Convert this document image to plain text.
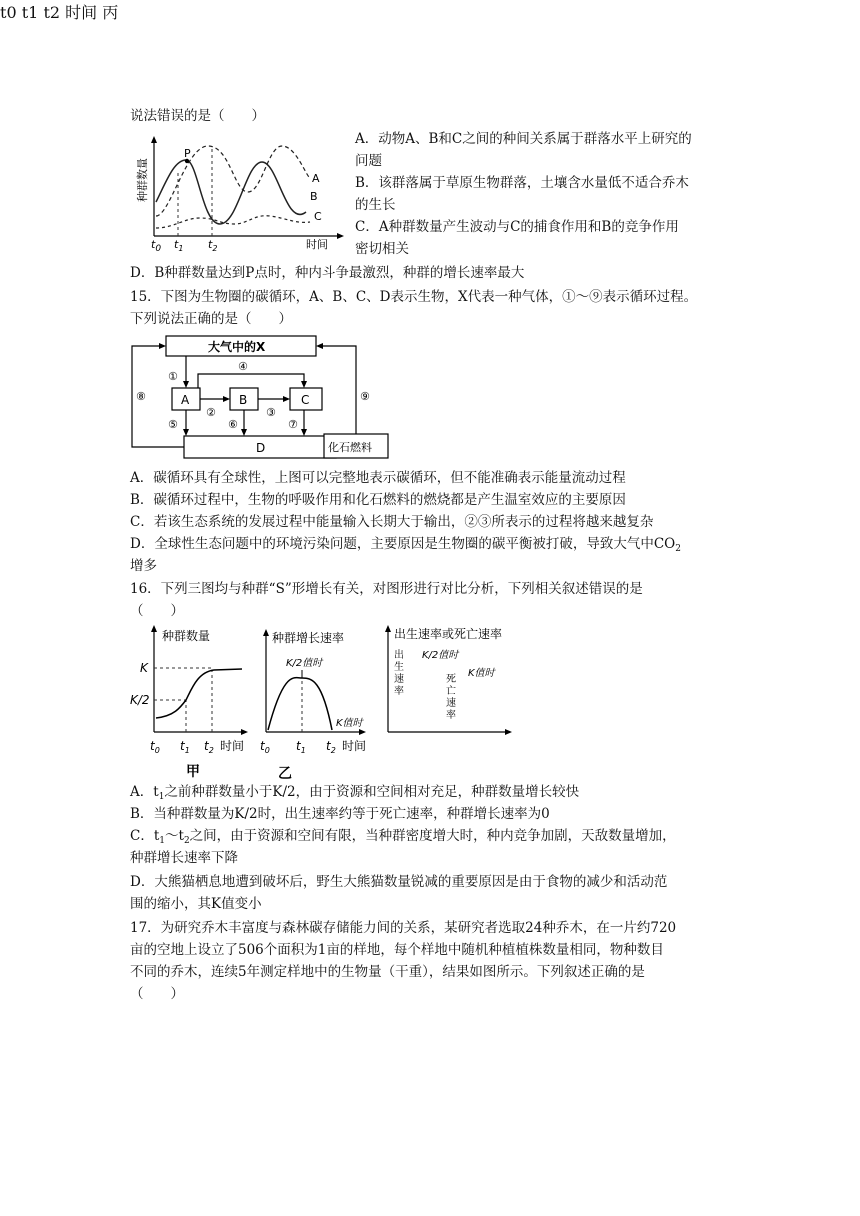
说法错误的是（　　）
A．动物A、B和C之间的种间关系属于群落水平上研究的
问题
B．该群落属于草原生物群落，土壤含水量低不适合乔木
的生长
C．A种群数量产生波动与C的捕食作用和B的竞争作用
密切相关
D．B种群数量达到P点时，种内斗争最激烈，种群的增长速率最大
种群数量
时间
$t_0$ $t_1$ $t_2$
P
A
B
C
15．下图为生物圈的碳循环，A、B、C、D表示生物，X代表一种气体，①～⑨表示循环过程。
下列说法正确的是（　　）
大气中的X
A	B	C
D	化石燃料
①
④
②	③
⑤	⑥	⑦
⑧	⑨
A．碳循环具有全球性，上图可以完整地表示碳循环，但不能准确表示能量流动过程
B．碳循环过程中，生物的呼吸作用和化石燃料的燃烧都是产生温室效应的主要原因
C．若该生态系统的发展过程中能量输入长期大于输出，②③所表示的过程将越来越复杂
D．全球性生态问题中的环境污染问题，主要原因是生物圈的碳平衡被打破，导致大气中$CO_2$
增多
16．下列三图均与种群“S”形增长有关，对图形进行对比分析，下列相关叙述错误的是
（　　）
种群数量
K
K/2
$t_0$ $t_1$ $t_2$ 时间
甲
种群增长速率
K/2值时
K值时
$t_0$ $t_1$ $t_2$ 时间
乙
出生速率或死亡速率
K/2值时
K值时
出生速率
死亡速率
t0 t1 t2 时间 丙
A．$t_1$之前种群数量小于K/2，由于资源和空间相对充足，种群数量增长较快
B．当种群数量为K/2时，出生速率约等于死亡速率，种群增长速率为0
C．$t_1\sim t_2$之间，由于资源和空间有限，当种群密度增大时，种内竞争加剧，天敌数量增加，
种群增长速率下降
D．大熊猫栖息地遭到破坏后，野生大熊猫数量锐减的重要原因是由于食物的减少和活动范
围的缩小，其K值变小
17．为研究乔木丰富度与森林碳存储能力间的关系，某研究者选取24种乔木，在一片约720
亩的空地上设立了506个面积为1亩的样地，每个样地中随机种植植株数量相同，物种数目
不同的乔木，连续5年测定样地中的生物量（干重），结果如图所示。下列叙述正确的是
（　　）
